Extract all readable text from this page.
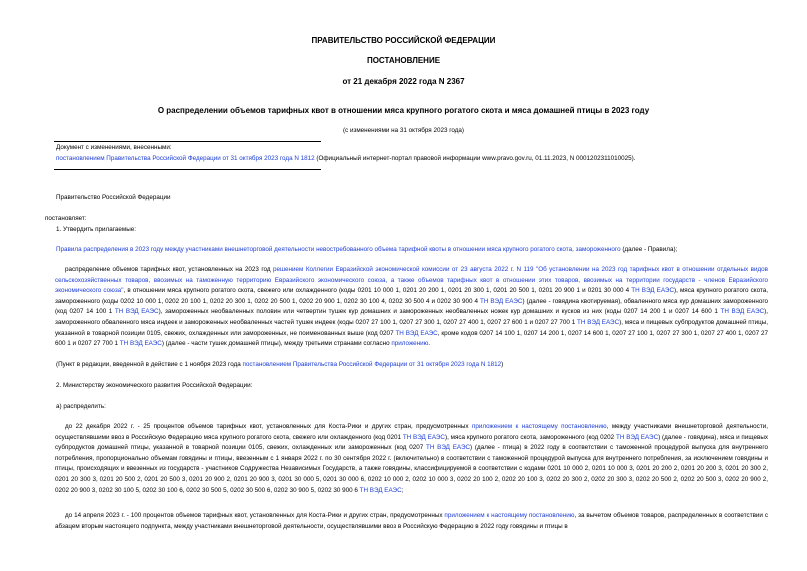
ПРАВИТЕЛЬСТВО РОССИЙСКОЙ ФЕДЕРАЦИИ
ПОСТАНОВЛЕНИЕ
от 21 декабря 2022 года N 2367
О распределении объемов тарифных квот в отношении мяса крупного рогатого скота и мяса домашней птицы в 2023 году
(с изменениями на 31 октября 2023 года)
Документ с изменениями, внесенными:
постановлением Правительства Российской Федерации от 31 октября 2023 года N 1812 (Официальный интернет-портал правовой информации www.pravo.gov.ru, 01.11.2023, N 0001202311010025).
Правительство Российской Федерации
постановляет:
1. Утвердить прилагаемые:
Правила распределения в 2023 году между участниками внешнеторговой деятельности невостребованного объема тарифной квоты в отношении мяса крупного рогатого скота, замороженного (далее - Правила);
распределение объемов тарифных квот, установленных на 2023 год решением Коллегии Евразийской экономической комиссии от 23 августа 2022 г. N 119 "Об установлении на 2023 год тарифных квот в отношении отдельных видов сельскохозяйственных товаров, ввозимых на таможенную территорию Евразийского экономического союза, а также объемов тарифных квот в отношении этих товаров, ввозимых на территории государств - членов Евразийского экономического союза", в отношении мяса крупного рогатого скота, свежего или охлажденного (коды 0201 10 000 1, 0201 20 200 1, 0201 20 300 1, 0201 20 500 1, 0201 20 900 1 и 0201 30 000 4 ТН ВЭД ЕАЭС), мяса крупного рогатого скота, замороженного (коды 0202 10 000 1, 0202 20 100 1, 0202 20 300 1, 0202 20 500 1, 0202 20 900 1, 0202 30 100 4, 0202 30 500 4 и 0202 30 900 4 ТН ВЭД ЕАЭС) (далее - говядина квотируемая), обваленного мяса кур домашних замороженного (код 0207 14 100 1 ТН ВЭД ЕАЭС), замороженных необваленных половин или четвертин тушек кур домашних и замороженных необваленных ножек кур домашних и кусков из них (коды 0207 14 200 1 и 0207 14 600 1 ТН ВЭД ЕАЭС), замороженного обваленного мяса индеек и замороженных необваленных частей тушек индеек (коды 0207 27 100 1, 0207 27 300 1, 0207 27 400 1, 0207 27 600 1 и 0207 27 700 1 ТН ВЭД ЕАЭС), мяса и пищевых субпродуктов домашней птицы, указанной в товарной позиции 0105, свежих, охлажденных или замороженных, не поименованных выше (код 0207 ТН ВЭД ЕАЭС, кроме кодов 0207 14 100 1, 0207 14 200 1, 0207 14 600 1, 0207 27 100 1, 0207 27 300 1, 0207 27 400 1, 0207 27 600 1 и 0207 27 700 1 ТН ВЭД ЕАЭС) (далее - части тушек домашней птицы), между третьими странами согласно приложению.
(Пункт в редакции, введенной в действие с 1 ноября 2023 года постановлением Правительства Российской Федерации от 31 октября 2023 года N 1812)
2. Министерству экономического развития Российской Федерации:
а) распределить:
до 22 декабря 2022 г. - 25 процентов объемов тарифных квот, установленных для Коста-Рики и других стран, предусмотренных приложением к настоящему постановлению, между участниками внешнеторговой деятельности, осуществлявшими ввоз в Российскую Федерацию мяса крупного рогатого скота, свежего или охлажденного (код 0201 ТН ВЭД ЕАЭС), мяса крупного рогатого скота, замороженного (код 0202 ТН ВЭД ЕАЭС) (далее - говядина), мяса и пищевых субпродуктов домашней птицы, указанной в товарной позиции 0105, свежих, охлажденных или замороженных (код 0207 ТН ВЭД ЕАЭС) (далее - птица) в 2022 году в соответствии с таможенной процедурой выпуска для внутреннего потребления, пропорционально объемам говядины и птицы, ввезенным с 1 января 2022 г. по 30 сентября 2022 г. (включительно) в соответствии с таможенной процедурой выпуска для внутреннего потребления, за исключением говядины и птицы, происходящих и ввезенных из государств - участников Содружества Независимых Государств, а также говядины, классифицируемой в соответствии с кодами 0201 10 000 2, 0201 10 000 3, 0201 20 200 2, 0201 20 200 3, 0201 20 300 2, 0201 20 300 3, 0201 20 500 2, 0201 20 500 3, 0201 20 900 2, 0201 20 900 3, 0201 30 000 5, 0201 30 000 6, 0202 10 000 2, 0202 10 000 3, 0202 20 100 2, 0202 20 100 3, 0202 20 300 2, 0202 20 300 3, 0202 20 500 2, 0202 20 500 3, 0202 20 900 2, 0202 20 900 3, 0202 30 100 5, 0202 30 100 6, 0202 30 500 5, 0202 30 500 6, 0202 30 900 5, 0202 30 900 6 ТН ВЭД ЕАЭС;
до 14 апреля 2023 г. - 100 процентов объемов тарифных квот, установленных для Коста-Рики и других стран, предусмотренных приложением к настоящему постановлению, за вычетом объемов товаров, распределенных в соответствии с абзацем вторым настоящего подпункта, между участниками внешнеторговой деятельности, осуществлявшими ввоз в Российскую Федерацию в 2022 году говядины и птицы в
